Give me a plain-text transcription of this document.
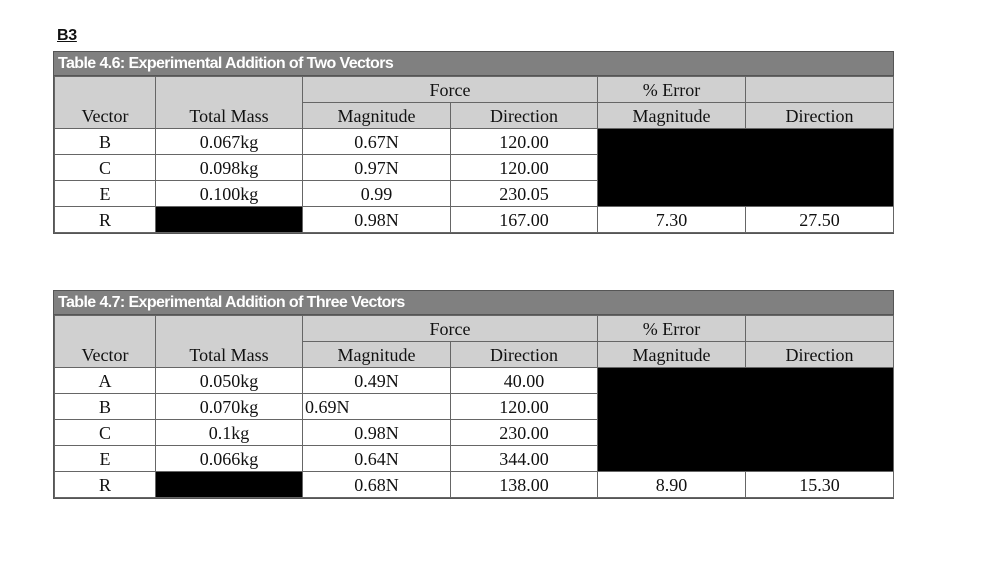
B3
Table 4.6: Experimental Addition of Two Vectors
Vector	Total Mass	Force		% Error	
		Magnitude	Direction	Magnitude	Direction
B	0.067kg	0.67N	120.00		
C	0.098kg	0.97N	120.00		
E	0.100kg	0.99	230.05		
R		0.98N	167.00	7.30	27.50
Table 4.7: Experimental Addition of Three Vectors
Vector	Total Mass	Force		% Error	
		Magnitude	Direction	Magnitude	Direction
A	0.050kg	0.49N	40.00		
B	0.070kg	0.69N	120.00		
C	0.1kg	0.98N	230.00		
E	0.066kg	0.64N	344.00		
R		0.68N	138.00	8.90	15.30
